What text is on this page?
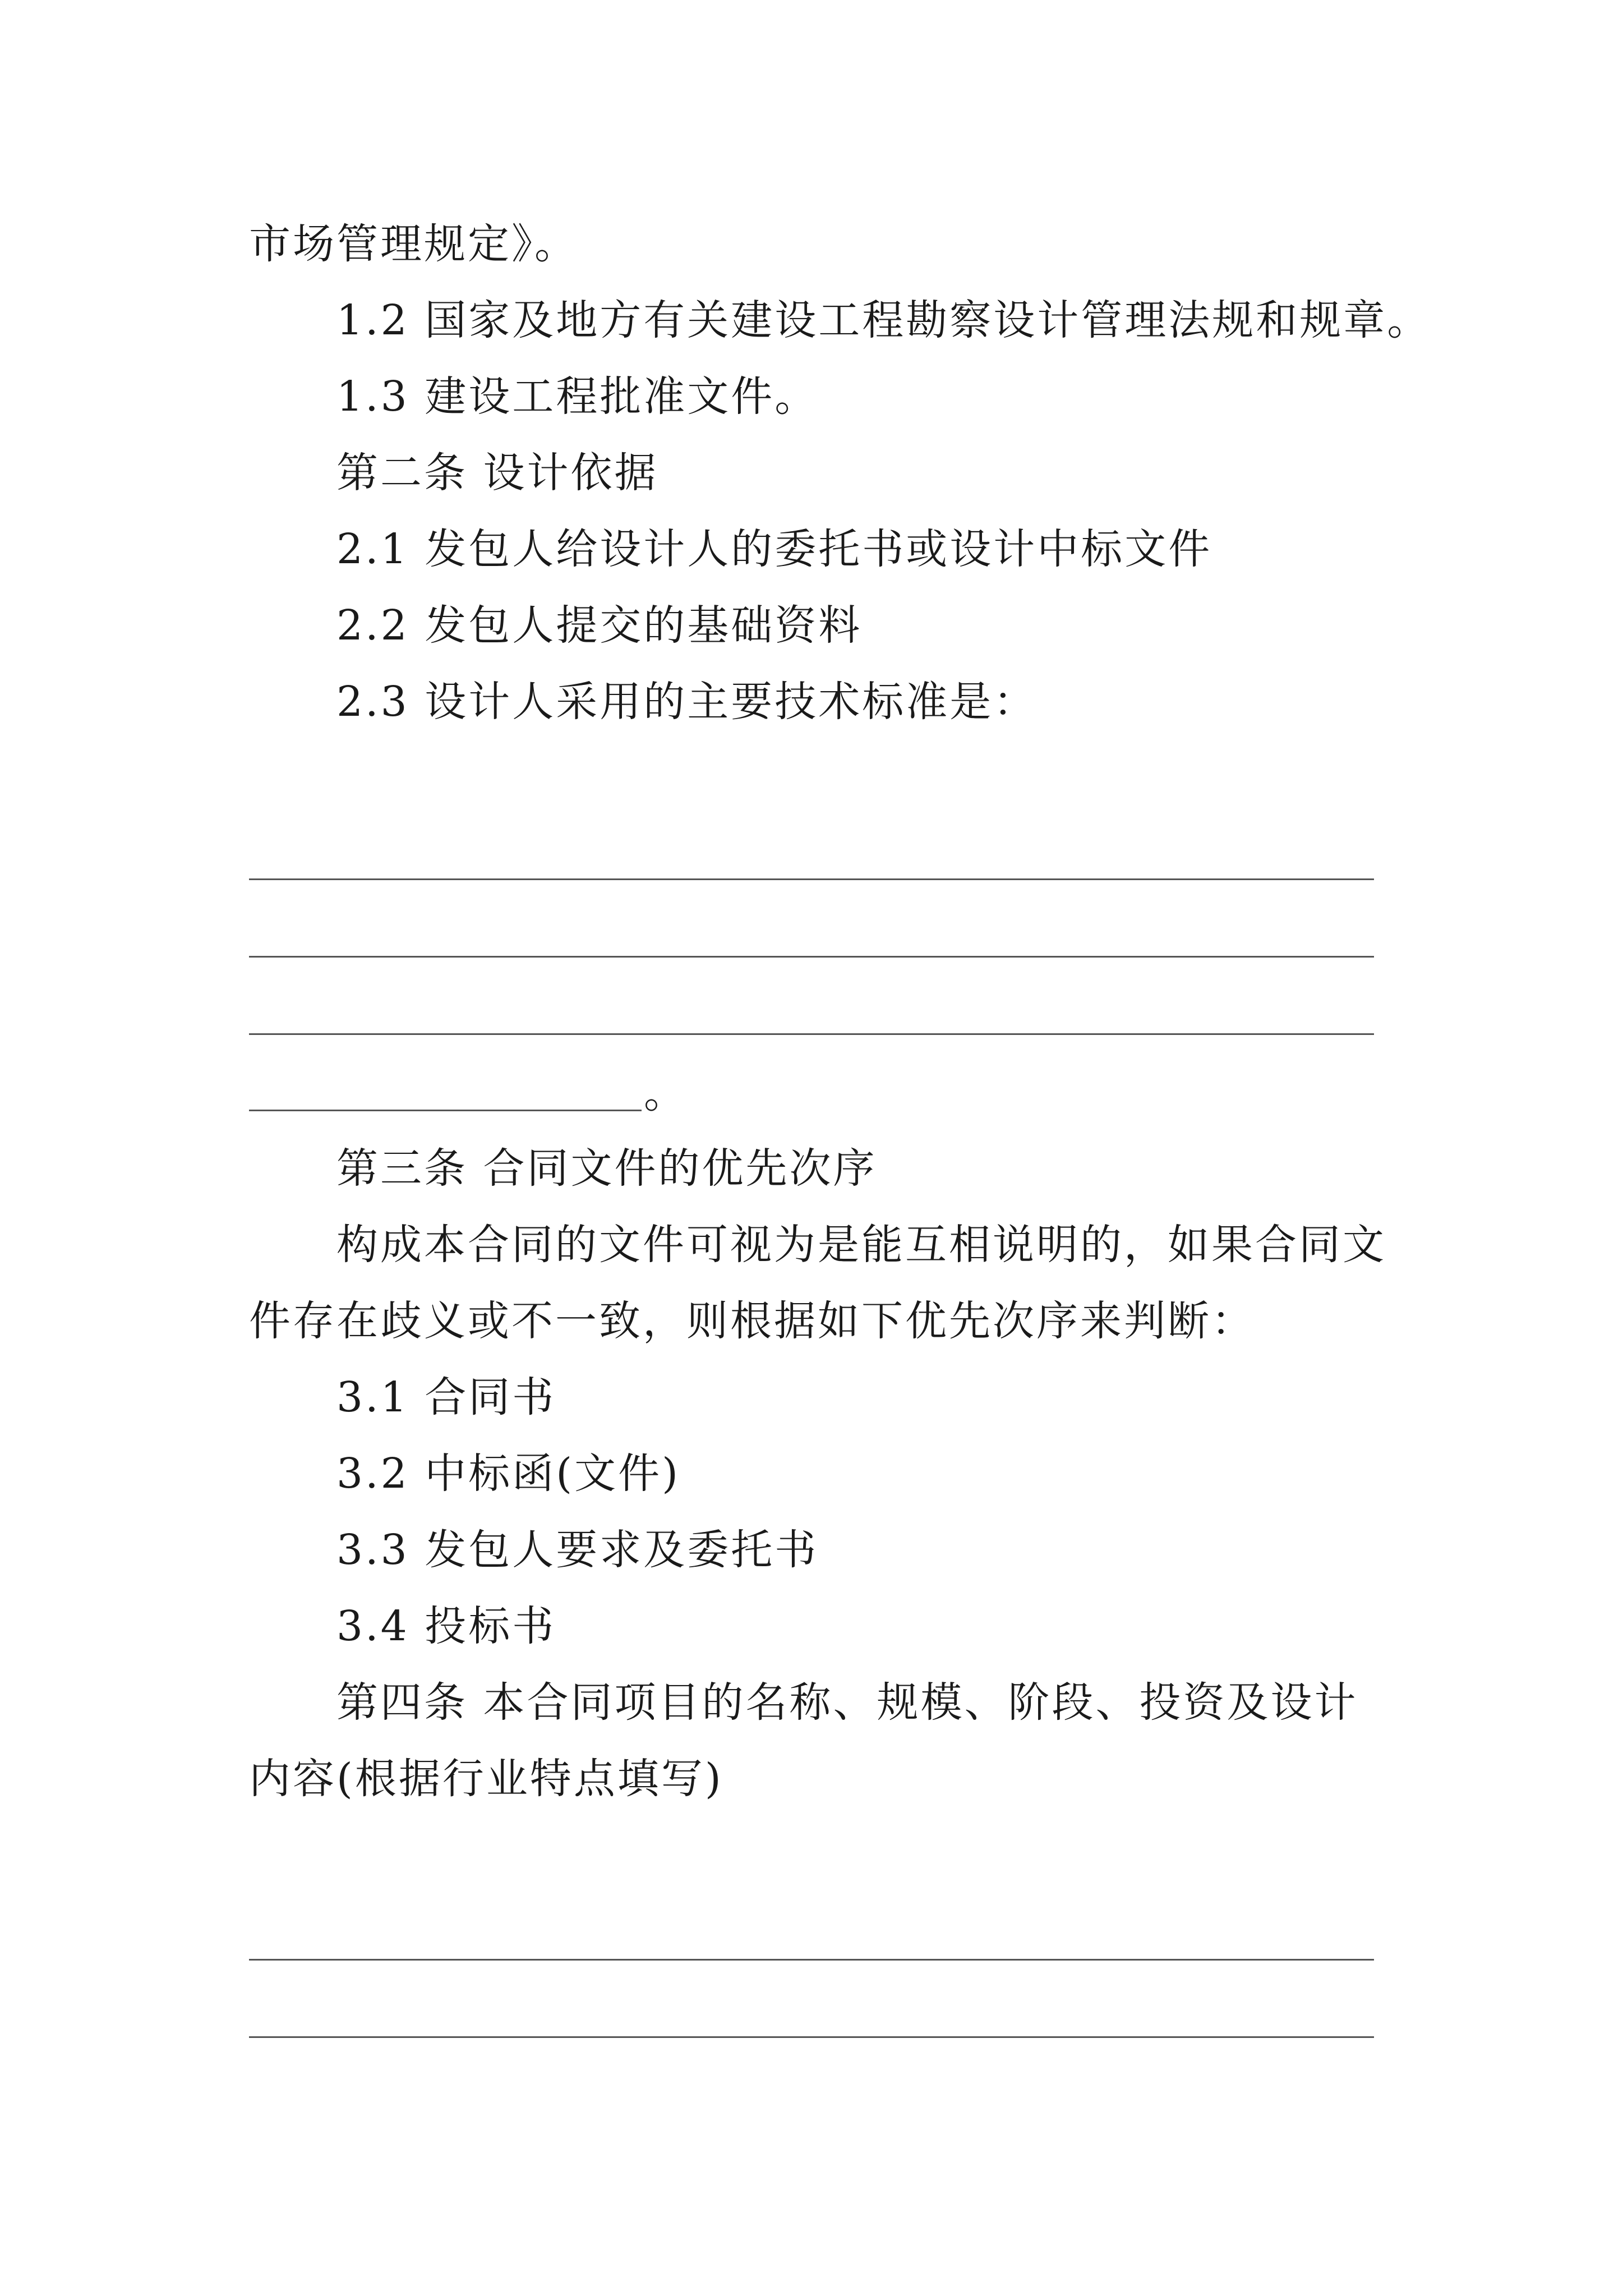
市场管理规定》。
1.2 国家及地方有关建设工程勘察设计管理法规和规章。
1.3 建设工程批准文件。
第二条 设计依据
2.1 发包人给设计人的委托书或设计中标文件
2.2 发包人提交的基础资料
2.3 设计人采用的主要技术标准是：
。
第三条 合同文件的优先次序
构成本合同的文件可视为是能互相说明的，如果合同文
件存在歧义或不一致，则根据如下优先次序来判断：
3.1 合同书
3.2 中标函(文件)
3.3 发包人要求及委托书
3.4 投标书
第四条 本合同项目的名称、规模、阶段、投资及设计
内容(根据行业特点填写)
